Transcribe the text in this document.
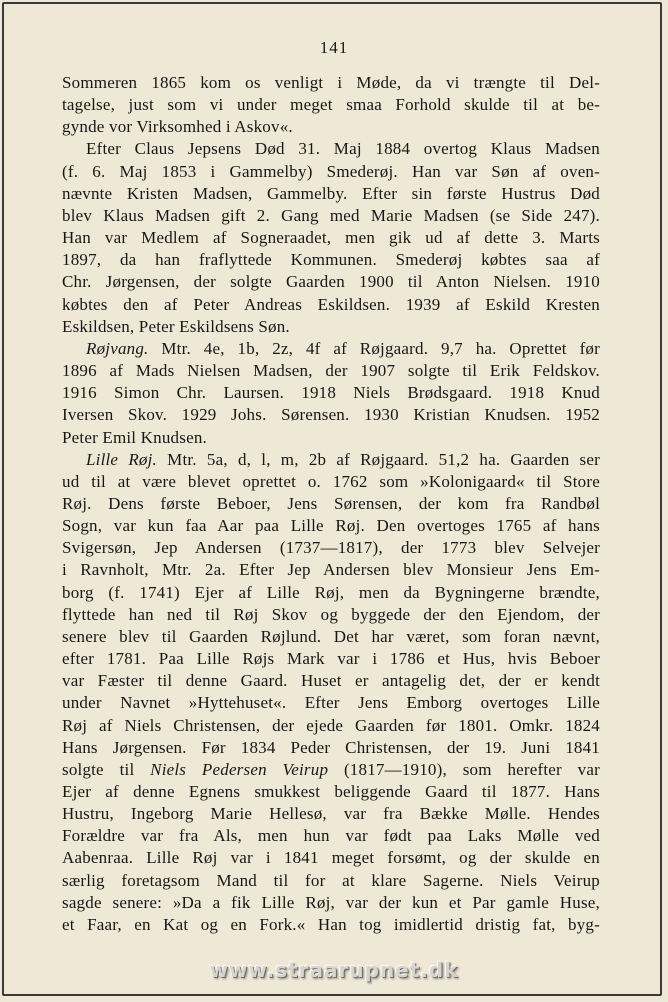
141

Sommeren 1865 kom os venligt i Møde, da vi trængte til Del-
tagelse, just som vi under meget smaa Forhold skulde til at be-
gynde vor Virksomhed i Askov«.

Efter Claus Jepsens Død 31. Maj 1884 overtog Klaus Madsen
(f. 6. Maj 1853 i Gammelby) Smederøj. Han var Søn af oven-
nævnte Kristen Madsen, Gammelby. Efter sin første Hustrus Død
blev Klaus Madsen gift 2. Gang med Marie Madsen (se Side 247).
Han var Medlem af Sogneraadet, men gik ud af dette 3. Marts
1897, da han fraflyttede Kommunen. Smederøj købtes saa af
Chr. Jørgensen, der solgte Gaarden 1900 til Anton Nielsen. 1910
købtes den af Peter Andreas Eskildsen. 1939 af Eskild Kresten
Eskildsen, Peter Eskildsens Søn.

Røjvang. Mtr. 4e, 1b, 2z, 4f af Røjgaard. 9,7 ha. Oprettet før
1896 af Mads Nielsen Madsen, der 1907 solgte til Erik Feldskov.
1916 Simon Chr. Laursen. 1918 Niels Brødsgaard. 1918 Knud
Iversen Skov. 1929 Johs. Sørensen. 1930 Kristian Knudsen. 1952
Peter Emil Knudsen.

Lille Røj. Mtr. 5a, d, l, m, 2b af Røjgaard. 51,2 ha. Gaarden ser
ud til at være blevet oprettet o. 1762 som »Kolonigaard« til Store
Røj. Dens første Beboer, Jens Sørensen, der kom fra Randbøl
Sogn, var kun faa Aar paa Lille Røj. Den overtoges 1765 af hans
Svigersøn, Jep Andersen (1737—1817), der 1773 blev Selvejer
i Ravnholt, Mtr. 2a. Efter Jep Andersen blev Monsieur Jens Em-
borg (f. 1741) Ejer af Lille Røj, men da Bygningerne brændte,
flyttede han ned til Røj Skov og byggede der den Ejendom, der
senere blev til Gaarden Røjlund. Det har været, som foran nævnt,
efter 1781. Paa Lille Røjs Mark var i 1786 et Hus, hvis Beboer
var Fæster til denne Gaard. Huset er antagelig det, der er kendt
under Navnet »Hyttehuset«. Efter Jens Emborg overtoges Lille
Røj af Niels Christensen, der ejede Gaarden før 1801. Omkr. 1824
Hans Jørgensen. Før 1834 Peder Christensen, der 19. Juni 1841
solgte til Niels Pedersen Veirup (1817—1910), som herefter var
Ejer af denne Egnens smukkest beliggende Gaard til 1877. Hans
Hustru, Ingeborg Marie Hellesø, var fra Bække Mølle. Hendes
Forældre var fra Als, men hun var født paa Laks Mølle ved
Aabenraa. Lille Røj var i 1841 meget forsømt, og der skulde en
særlig foretagsom Mand til for at klare Sagerne. Niels Veirup
sagde senere: »Da a fik Lille Røj, var der kun et Par gamle Huse,
et Faar, en Kat og en Fork.« Han tog imidlertid dristig fat, byg-

www.straarupnet.dk
